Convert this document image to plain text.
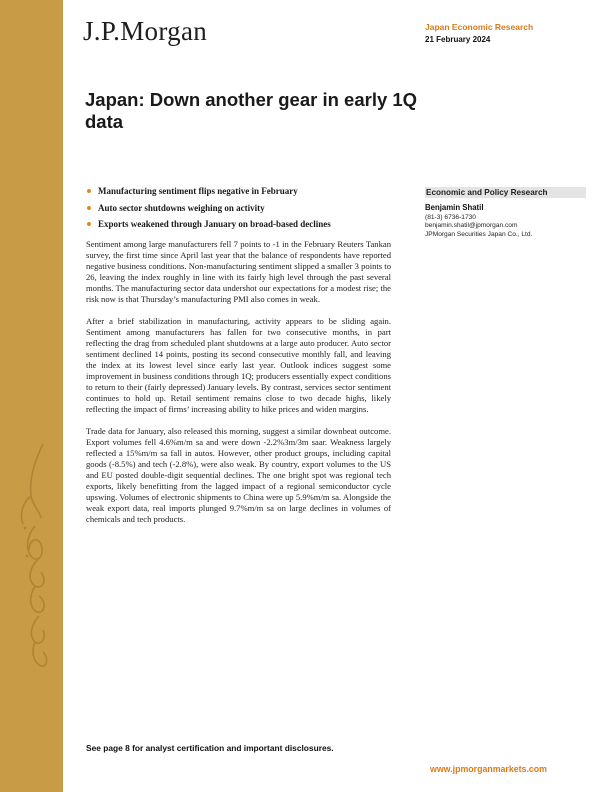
J.P.Morgan	Japan Economic Research
21 February 2024
Japan: Down another gear in early 1Q data
Manufacturing sentiment flips negative in February
Auto sector shutdowns weighing on activity
Exports weakened through January on broad-based declines

Sentiment among large manufacturers fell 7 points to -1 in the February Reuters Tankan survey, the first time since April last year that the balance of respondents have reported negative business conditions. Non-manufacturing sentiment slipped a smaller 3 points to 26, leaving the index roughly in line with its fairly high level through the past several months. The manufacturing sector data undershot our expectations for a modest rise; the risk now is that Thursday’s manufacturing PMI also comes in weak.

After a brief stabilization in manufacturing, activity appears to be sliding again. Sentiment among manufacturers has fallen for two consecutive months, in part reflecting the drag from scheduled plant shutdowns at a large auto producer. Auto sector sentiment declined 14 points, posting its second consecutive monthly fall, and leaving the index at its lowest level since early last year. Outlook indices suggest some improvement in business conditions through 1Q; producers essentially expect conditions to return to their (fairly depressed) January levels. By contrast, services sector sentiment continues to hold up. Retail sentiment remains close to two decade highs, likely reflecting the impact of firms’ increasing ability to hike prices and widen margins.

Trade data for January, also released this morning, suggest a similar downbeat outcome. Export volumes fell 4.6%m/m sa and were down -2.2%3m/3m saar. Weakness largely reflected a 15%m/m sa fall in autos. However, other product groups, including capital goods (-8.5%) and tech (-2.8%), were also weak. By country, export volumes to the US and EU posted double-digit sequential declines. The one bright spot was regional tech exports, likely benefitting from the lagged impact of a regional semiconductor cycle upswing. Volumes of electronic shipments to China were up 5.9%m/m sa. Alongside the weak export data, real imports plunged 9.7%m/m sa on large declines in volumes of chemicals and tech products.

Economic and Policy Research
Benjamin Shatil
(81-3) 6736-1730
benjamin.shatil@jpmorgan.com
JPMorgan Securities Japan Co., Ltd.
See page 8 for analyst certification and important disclosures.
www.jpmorganmarkets.com
